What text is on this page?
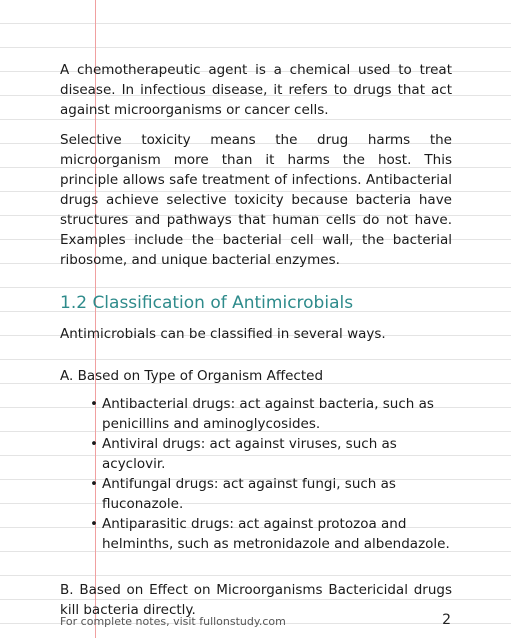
A chemotherapeutic agent is a chemical used to treat disease. In infectious disease, it refers to drugs that act against microorganisms or cancer cells.

Selective toxicity means the drug harms the microorganism more than it harms the host. This principle allows safe treatment of infections. Antibacterial drugs achieve selective toxicity because bacteria have structures and pathways that human cells do not have. Examples include the bacterial cell wall, the bacterial ribosome, and unique bacterial enzymes.

1.2 Classification of Antimicrobials

Antimicrobials can be classified in several ways.

A. Based on Type of Organism Affected
• Antibacterial drugs: act against bacteria, such as penicillins and aminoglycosides.
• Antiviral drugs: act against viruses, such as acyclovir.
• Antifungal drugs: act against fungi, such as fluconazole.
• Antiparasitic drugs: act against protozoa and helminths, such as metronidazole and albendazole.

B. Based on Effect on Microorganisms Bactericidal drugs kill bacteria directly.

For complete notes, visit fullonstudy.com	2
